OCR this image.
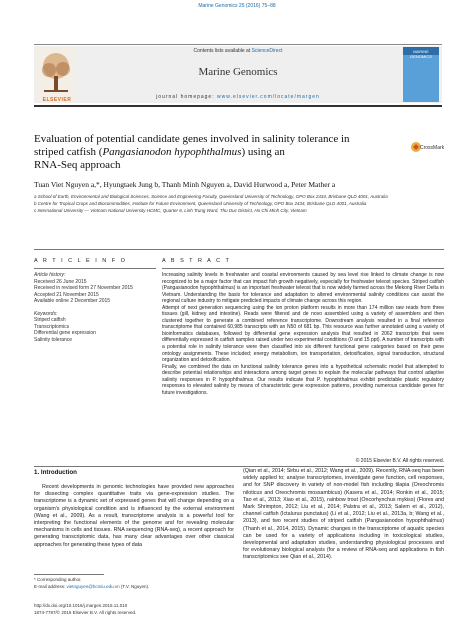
Marine Genomics 25 (2016) 75–88
ELSEVIER
Contents lists available at ScienceDirect
Marine Genomics
journal homepage: www.elsevier.com/locate/margen
MARINE GENOMICS
Evaluation of potential candidate genes involved in salinity tolerance in
striped catfish (Pangasianodon hypophthalmus) using an
RNA-Seq approach
CrossMark
Tuan Viet Nguyen a,*, Hyungtaek Jung b, Thanh Minh Nguyen a, David Hurwood a, Peter Mather a
a School of Earth, Environmental and Biological Sciences, Science and Engineering Faculty, Queensland University of Technology, GPO Box 2434, Brisbane QLD 4001, Australia
b Centre for Tropical Crops and Biocommodities, Institute for Future Environment, Queensland University of Technology, GPO Box 2434, Brisbane QLD 4001, Australia
c International University — Vietnam National University HCMC, Quarter 6, Linh Trung Ward, Thu Duc District, Ho Chi Minh City, Vietnam
A R T I C L E I N F O	A B S T R A C T
Article history:
Received 26 June 2015
Received in revised form 27 November 2015
Accepted 21 November 2015
Available online 2 December 2015
Keywords:
Striped catfish
Transcriptomics
Differential gene expression
Salinity tolerance
Increasing salinity levels in freshwater and coastal environments caused by sea level rise linked to climate change is now recognized to be a major factor that can impact fish growth negatively, especially for freshwater teleost species. Striped catfish (Pangasianodon hypophthalmus) is an important freshwater teleost that is now widely farmed across the Mekong River Delta in Vietnam. Understanding the basis for tolerance and adaptation to altered environmental salinity conditions can assist the regional culture industry to mitigate predicted impacts of climate change across this region.
Attempt of next generation sequencing using the ion proton platform results in more than 174 million raw reads from three tissues (gill, kidney and intestine). Reads were filtered and de novo assembled using a variety of assemblers and then clustered together to generate a combined reference transcriptome. Downstream analysis resulted in a final reference transcriptome that contained 60,985 transcripts with an N50 of 681 bp. This resource was further annotated using a variety of bioinformatics databases, followed by differential gene expression analysis that resulted in 2062 transcripts that were differentially expressed in catfish samples raised under two experimental conditions (0 and 15 ppt). A number of transcripts with a potential role in salinity tolerance were then classified into six different functional gene categories based on their gene ontology assignments. These included; energy metabolism, ion transportation, detoxification, signal transduction, structural organization and detoxification.
Finally, we combined the data on functional salinity tolerance genes into a hypothetical schematic model that attempted to describe potential relationships and interactions among target genes to explain the molecular pathways that control adaptive salinity responses in P. hypophthalmus. Our results indicate that P. hypophthalmus exhibit predictable plastic regulatory responses to elevated salinity by means of characteristic gene expression patterns, providing numerous candidate genes for future investigations.
© 2015 Elsevier B.V. All rights reserved.
1. Introduction
Recent developments in genomic technologies have provided new approaches for dissecting complex quantitative traits via gene-expression studies. The transcriptome is a dynamic set of expressed genes that will change depending on a organism's physiological condition and is influenced by the external environment (Wang et al., 2009). As a result, transcriptome analysis is a powerful tool for interpreting the functional elements of the genome and for revealing molecular mechanisms in cells and tissues. RNA sequencing (RNA-seq), a recent approach for generating transcriptomic data, has many clear advantages over other classical approaches for generating these types of data
(Qian et al., 2014; Sirbu et al., 2012; Wang et al., 2009). Recently, RNA-seq has been widely applied to; analyse transcriptomes, investigate gene function, cell responses, and for SNP discovery in variety of non-model fish including tilapia (Oreochromis niloticus and Oreochromis mossambicus) (Kasera et al., 2014; Ronkin et al., 2015; Tao et al., 2013; Xiao et al., 2015), rainbow trout (Oncorhynchus mykiss) (Flores and Mark Shrimpton, 2012; Liu et al., 2014; Palstra et al., 2013; Salem et al., 2012), channel catfish (Ictalurus punctatus) (Li et al., 2012; Liu et al., 2013a, b; Wang et al., 2013), and two recent studies of striped catfish (Pangasianodon hypophthalmus) (Thanh et al., 2014, 2015). Dynamic changes in the transcriptome of aquatic species can be used for a variety of applications including in toxicological studies, developmental and adaptation studies, understanding physiological processes and for evolutionary biological analysis (for a review of RNA-seq and applications in fish transcriptomics see Qian et al., 2014).
* Corresponding author.
E-mail address: vietnguyen@hcmiu.edu.vn (T.V. Nguyen).
http://dx.doi.org/10.1016/j.margen.2015.11.010
1874-7787/© 2015 Elsevier B.V. All rights reserved.
